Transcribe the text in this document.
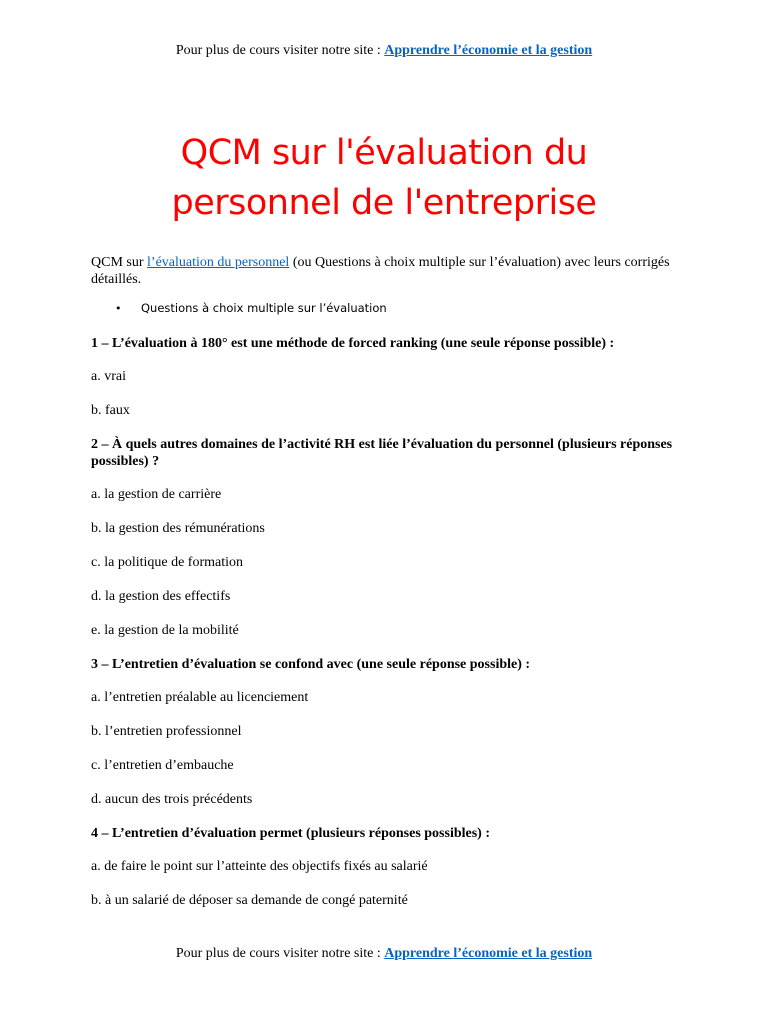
Pour plus de cours visiter notre site : Apprendre l’économie et la gestion
QCM sur l'évaluation du
personnel de l'entreprise

QCM sur l’évaluation du personnel (ou Questions à choix multiple sur l’évaluation) avec leurs corrigés détaillés.

•	Questions à choix multiple sur l’évaluation

1 – L’évaluation à 180° est une méthode de forced ranking (une seule réponse possible) :

a. vrai

b. faux

2 – À quels autres domaines de l’activité RH est liée l’évaluation du personnel (plusieurs réponses possibles) ?

a. la gestion de carrière

b. la gestion des rémunérations

c. la politique de formation

d. la gestion des effectifs

e. la gestion de la mobilité

3 – L’entretien d’évaluation se confond avec (une seule réponse possible) :

a. l’entretien préalable au licenciement

b. l’entretien professionnel

c. l’entretien d’embauche

d. aucun des trois précédents

4 – L’entretien d’évaluation permet (plusieurs réponses possibles) :

a. de faire le point sur l’atteinte des objectifs fixés au salarié

b. à un salarié de déposer sa demande de congé paternité

Pour plus de cours visiter notre site : Apprendre l’économie et la gestion
